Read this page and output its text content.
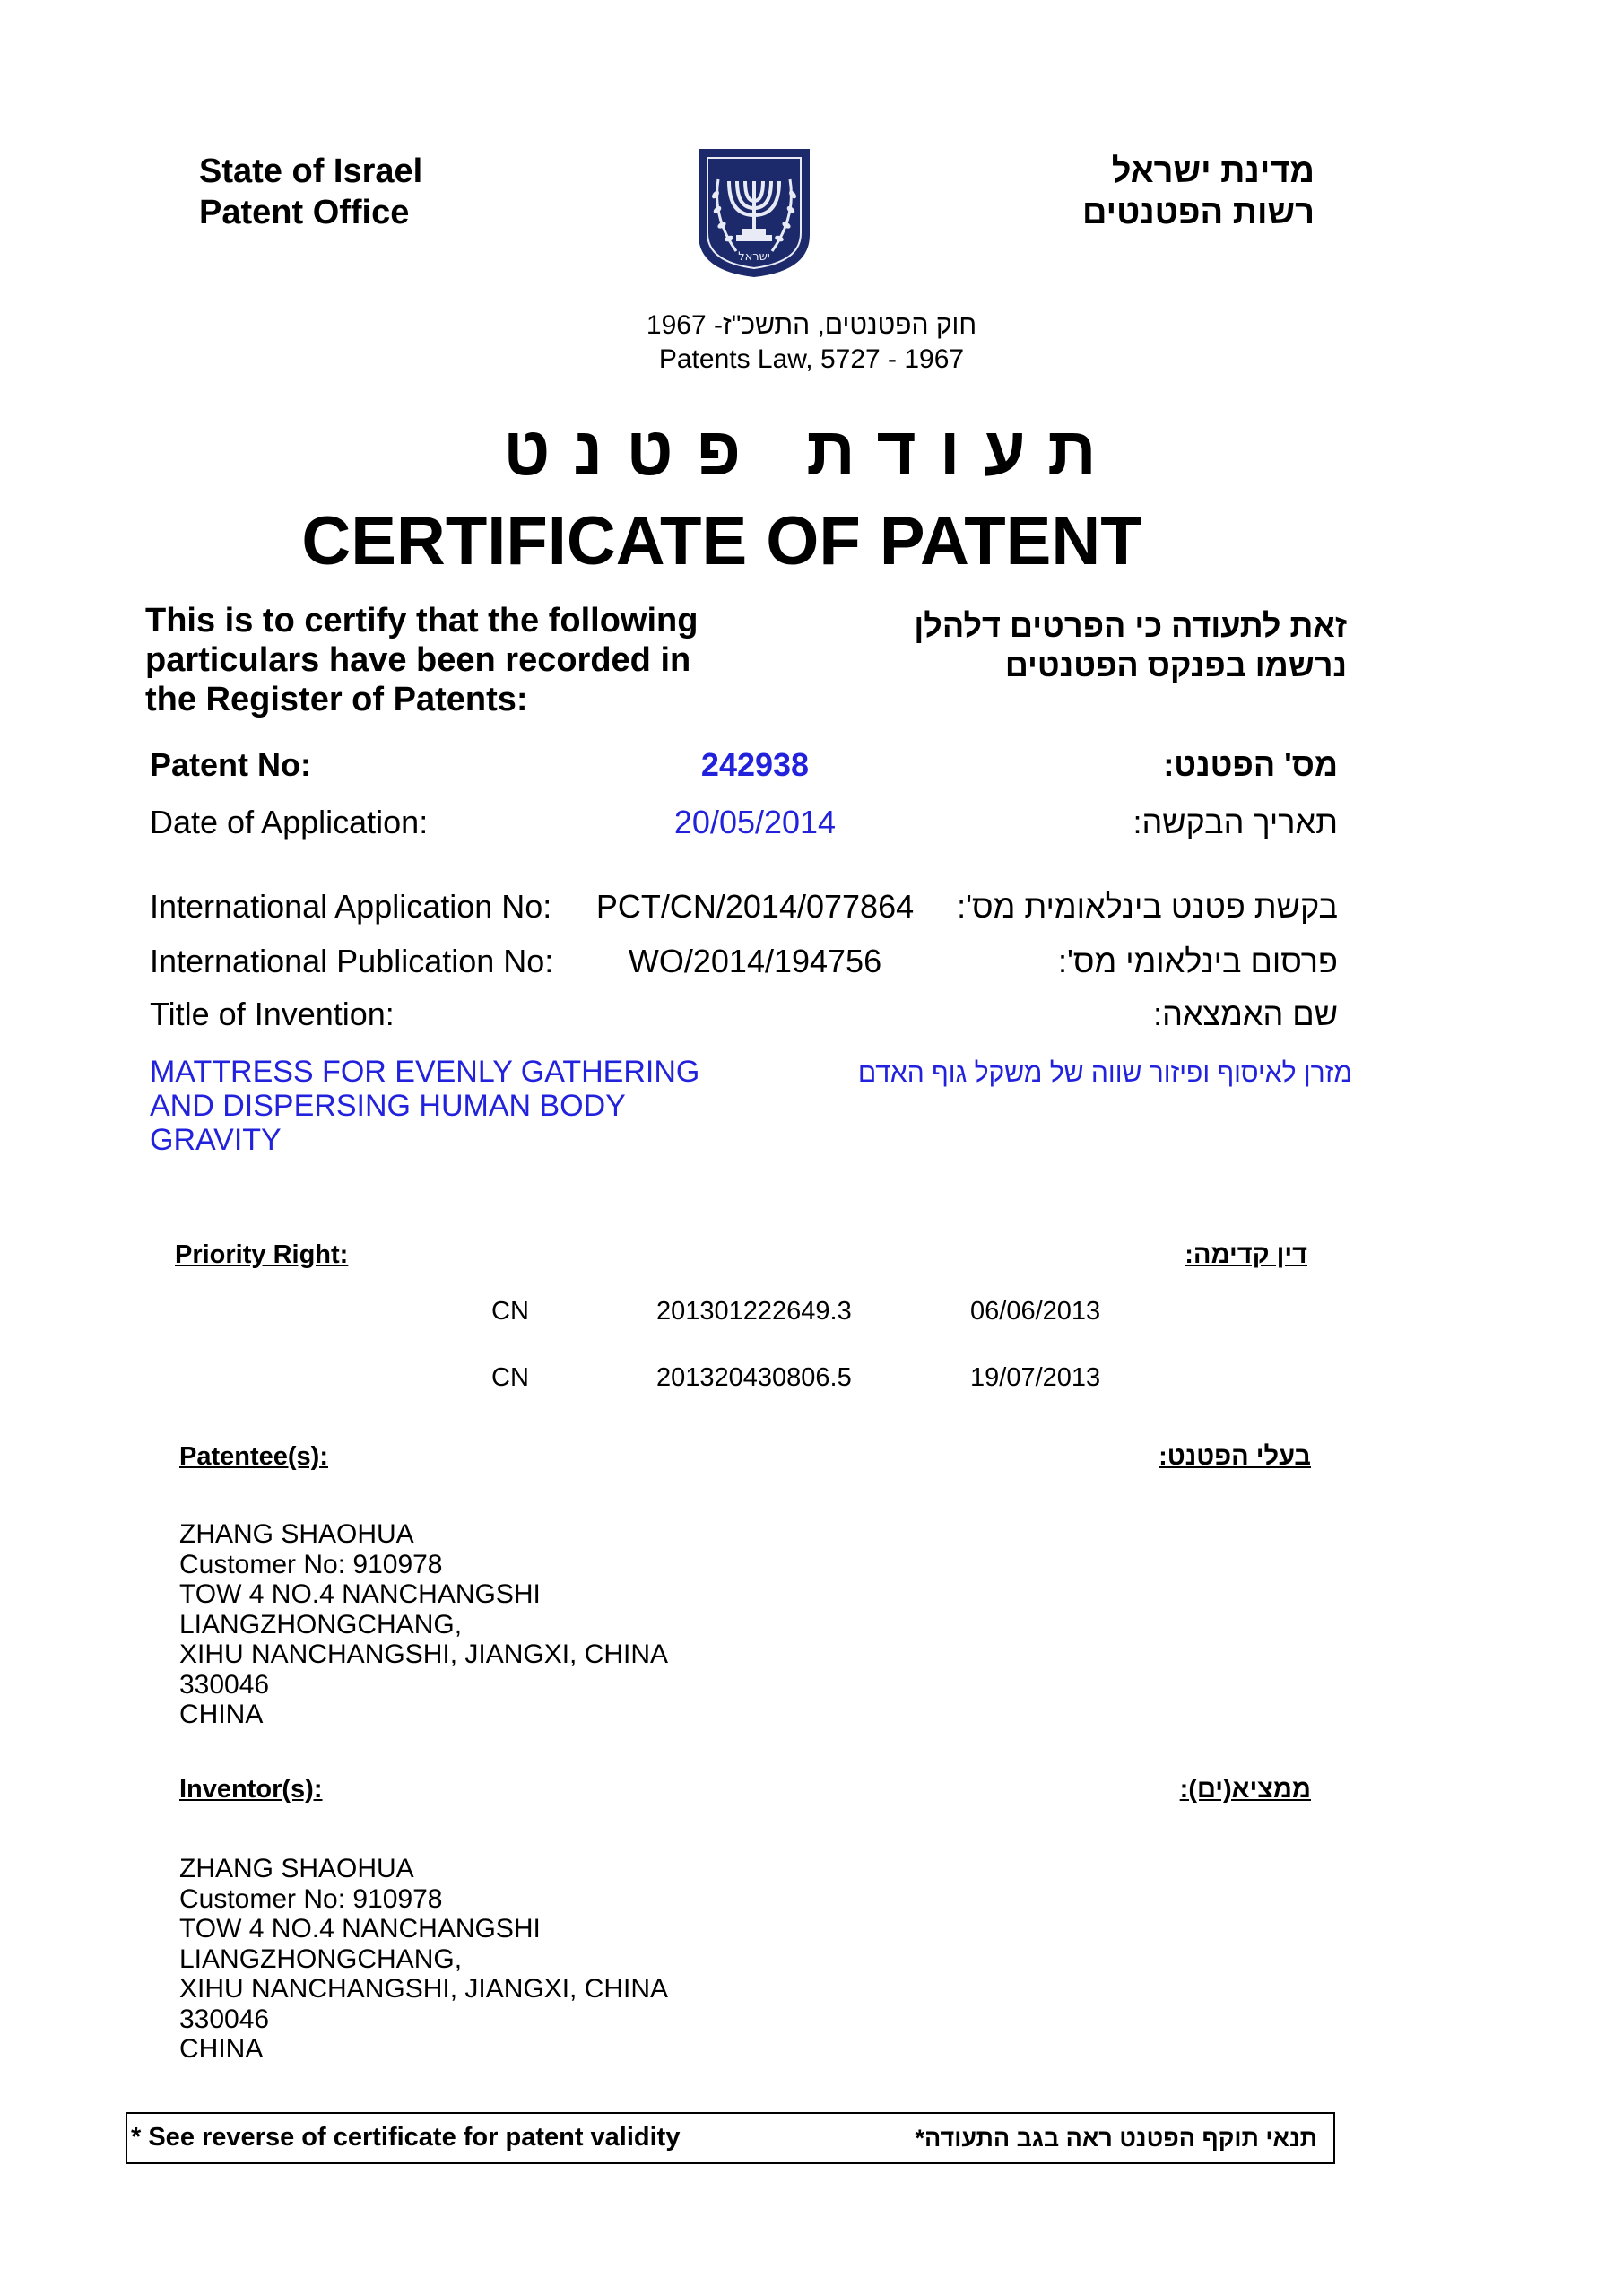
State of Israel
Patent Office
ישראל
מדינת ישראל
רשות הפטנטים
חוק הפטנטים, התשכ"ז- 1967
Patents Law, 5727 - 1967
תעודת פטנט
CERTIFICATE OF PATENT
This is to certify that the following
particulars have been recorded in
the Register of Patents:
זאת לתעודה כי הפרטים דלהלן
נרשמו בפנקס הפטנטים
Patent No:	242938	מס' הפטנט:
Date of Application:	20/05/2014	תאריך הבקשה:
International Application No:	PCT/CN/2014/077864	בקשת פטנט בינלאומית מס':
International Publication No:	WO/2014/194756	פרסום בינלאומי מס':
Title of Invention:	שם האמצאה:
MATTRESS FOR EVENLY GATHERING
AND DISPERSING HUMAN BODY
GRAVITY
מזרן לאיסוף ופיזור שווה של משקל גוף האדם
Priority Right:	דין קדימה:
CN	201301222649.3	06/06/2013
CN	201320430806.5	19/07/2013
Patentee(s):	בעלי הפטנט:
ZHANG SHAOHUA
Customer No: 910978
TOW 4 NO.4 NANCHANGSHI
LIANGZHONGCHANG,
XIHU NANCHANGSHI, JIANGXI, CHINA
330046
CHINA
Inventor(s):	ממציא(ים):
ZHANG SHAOHUA
Customer No: 910978
TOW 4 NO.4 NANCHANGSHI
LIANGZHONGCHANG,
XIHU NANCHANGSHI, JIANGXI, CHINA
330046
CHINA
* See reverse of certificate for patent validity	תנאי תוקף הפטנט ראה בגב התעודה*
